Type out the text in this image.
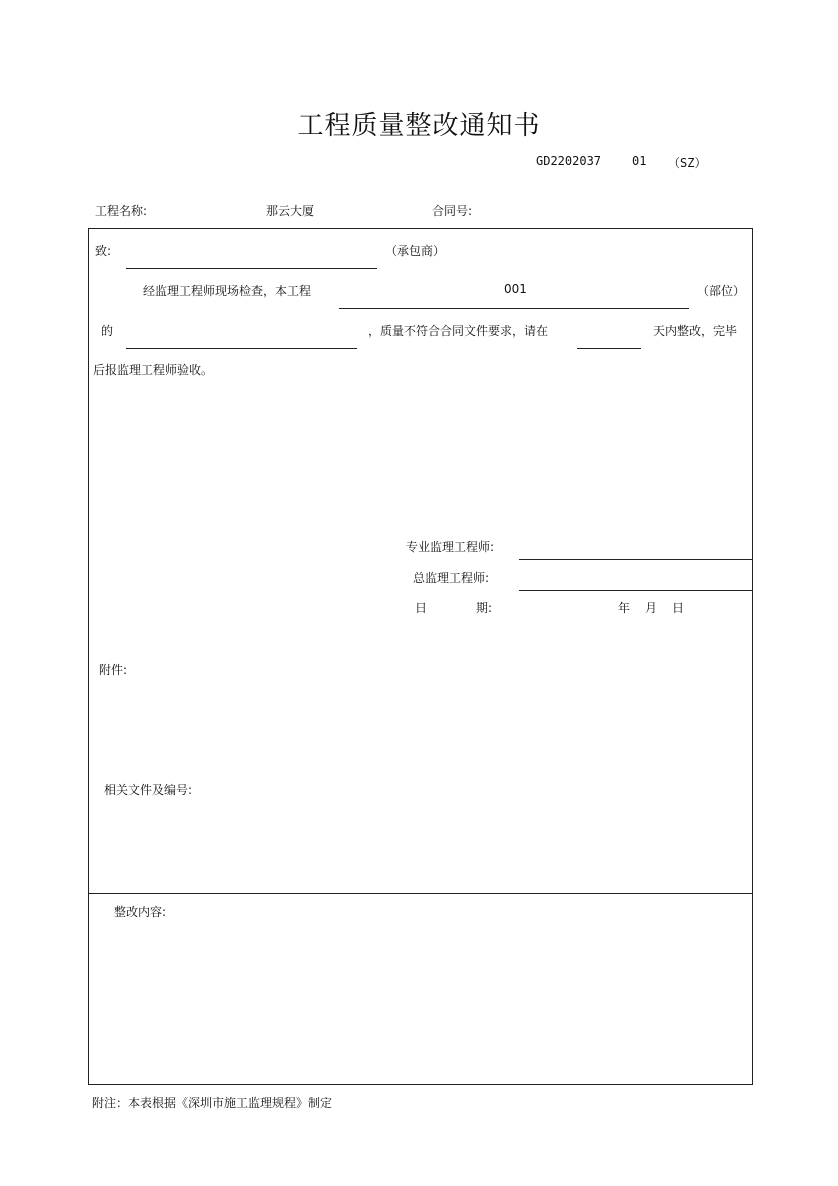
工程质量整改通知书
GD2202037	01 （SZ）
工程名称:	那云大厦	合同号:
致:	（承包商）
经监理工程师现场检查，本工程	001	（部位）
的	，质量不符合合同文件要求，请在	天内整改，完毕
后报监理工程师验收。
专业监理工程师:
总监理工程师:
日	期:	年 月 日
附件:
相关文件及编号:
整改内容:
附注：本表根据《深圳市施工监理规程》制定
